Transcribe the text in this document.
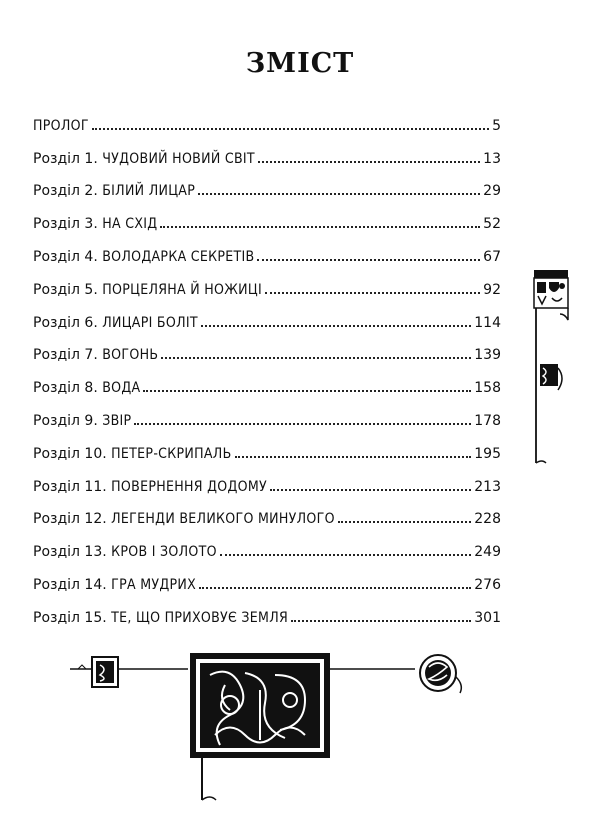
ЗМІСТ
ПРОЛОГ	5
Розділ 1. ЧУДОВИЙ НОВИЙ СВІТ	13
Розділ 2. БІЛИЙ ЛИЦАР	29
Розділ 3. НА СХІД	52
Розділ 4. ВОЛОДАРКА СЕКРЕТІВ	67
Розділ 5. ПОРЦЕЛЯНА Й НОЖИЦІ	92
Розділ 6. ЛИЦАРІ БОЛІТ	114
Розділ 7. ВОГОНЬ	139
Розділ 8. ВОДА	158
Розділ 9. ЗВІР	178
Розділ 10. ПЕТЕР-СКРИПАЛЬ	195
Розділ 11. ПОВЕРНЕННЯ ДОДОМУ	213
Розділ 12. ЛЕГЕНДИ ВЕЛИКОГО МИНУЛОГО	228
Розділ 13. КРОВ І ЗОЛОТО	249
Розділ 14. ГРА МУДРИХ	276
Розділ 15. ТЕ, ЩО ПРИХОВУЄ ЗЕМЛЯ	301
